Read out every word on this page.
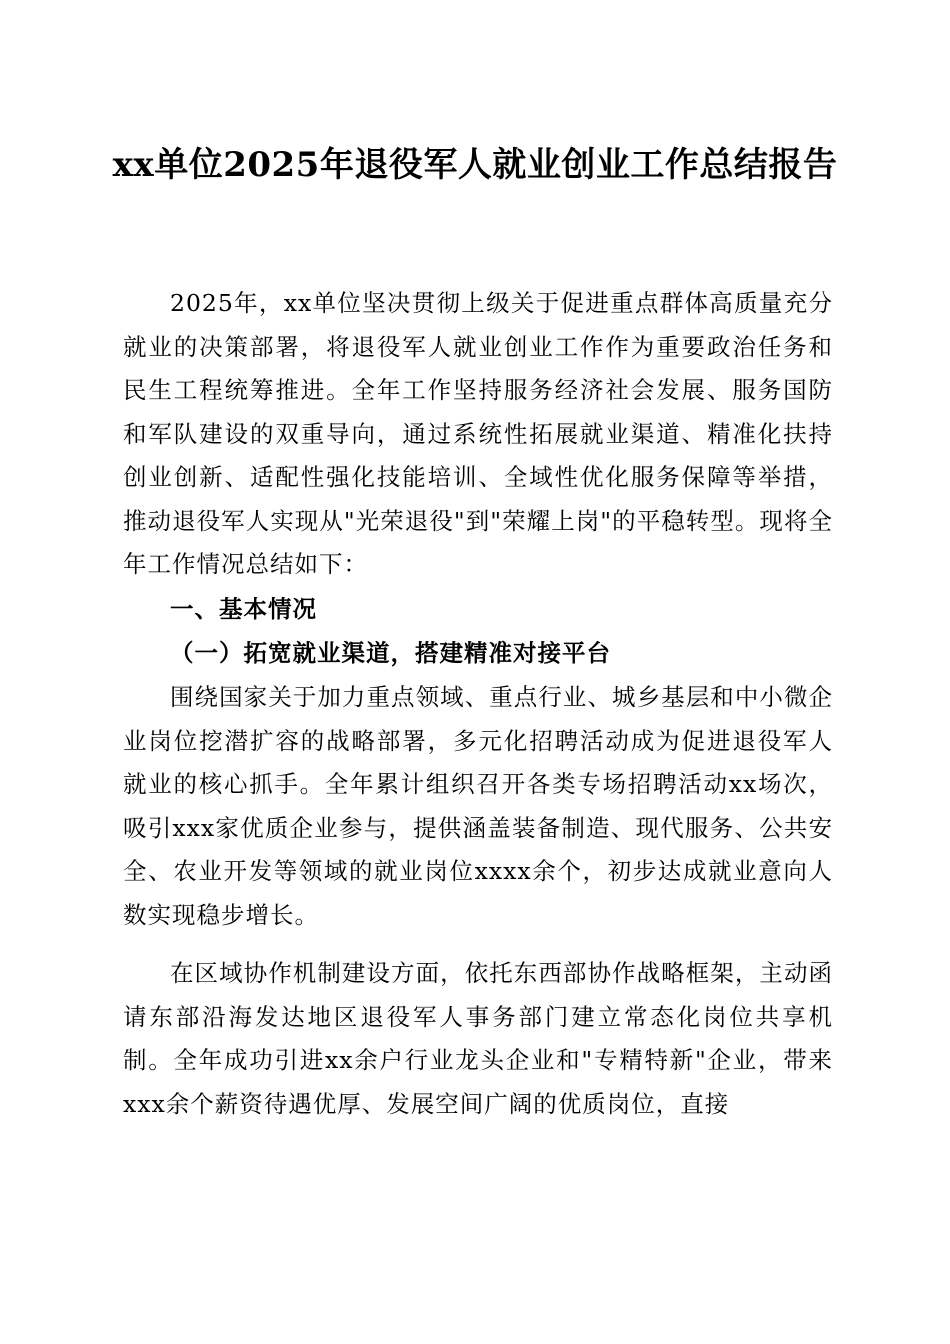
xx单位2025年退役军人就业创业工作总结报告
2025年，xx单位坚决贯彻上级关于促进重点群体高质量充分就业的决策部署，将退役军人就业创业工作作为重要政治任务和民生工程统筹推进。全年工作坚持服务经济社会发展、服务国防和军队建设的双重导向，通过系统性拓展就业渠道、精准化扶持创业创新、适配性强化技能培训、全域性优化服务保障等举措，推动退役军人实现从"光荣退役"到"荣耀上岗"的平稳转型。现将全年工作情况总结如下：
一、基本情况
（一）拓宽就业渠道，搭建精准对接平台
围绕国家关于加力重点领域、重点行业、城乡基层和中小微企业岗位挖潜扩容的战略部署，多元化招聘活动成为促进退役军人就业的核心抓手。全年累计组织召开各类专场招聘活动xx场次，吸引xxx家优质企业参与，提供涵盖装备制造、现代服务、公共安全、农业开发等领域的就业岗位xxxx余个，初步达成就业意向人数实现稳步增长。
在区域协作机制建设方面，依托东西部协作战略框架，主动函请东部沿海发达地区退役军人事务部门建立常态化岗位共享机制。全年成功引进xx余户行业龙头企业和"专精特新"企业，带来xxx余个薪资待遇优厚、发展空间广阔的优质岗位，直接
